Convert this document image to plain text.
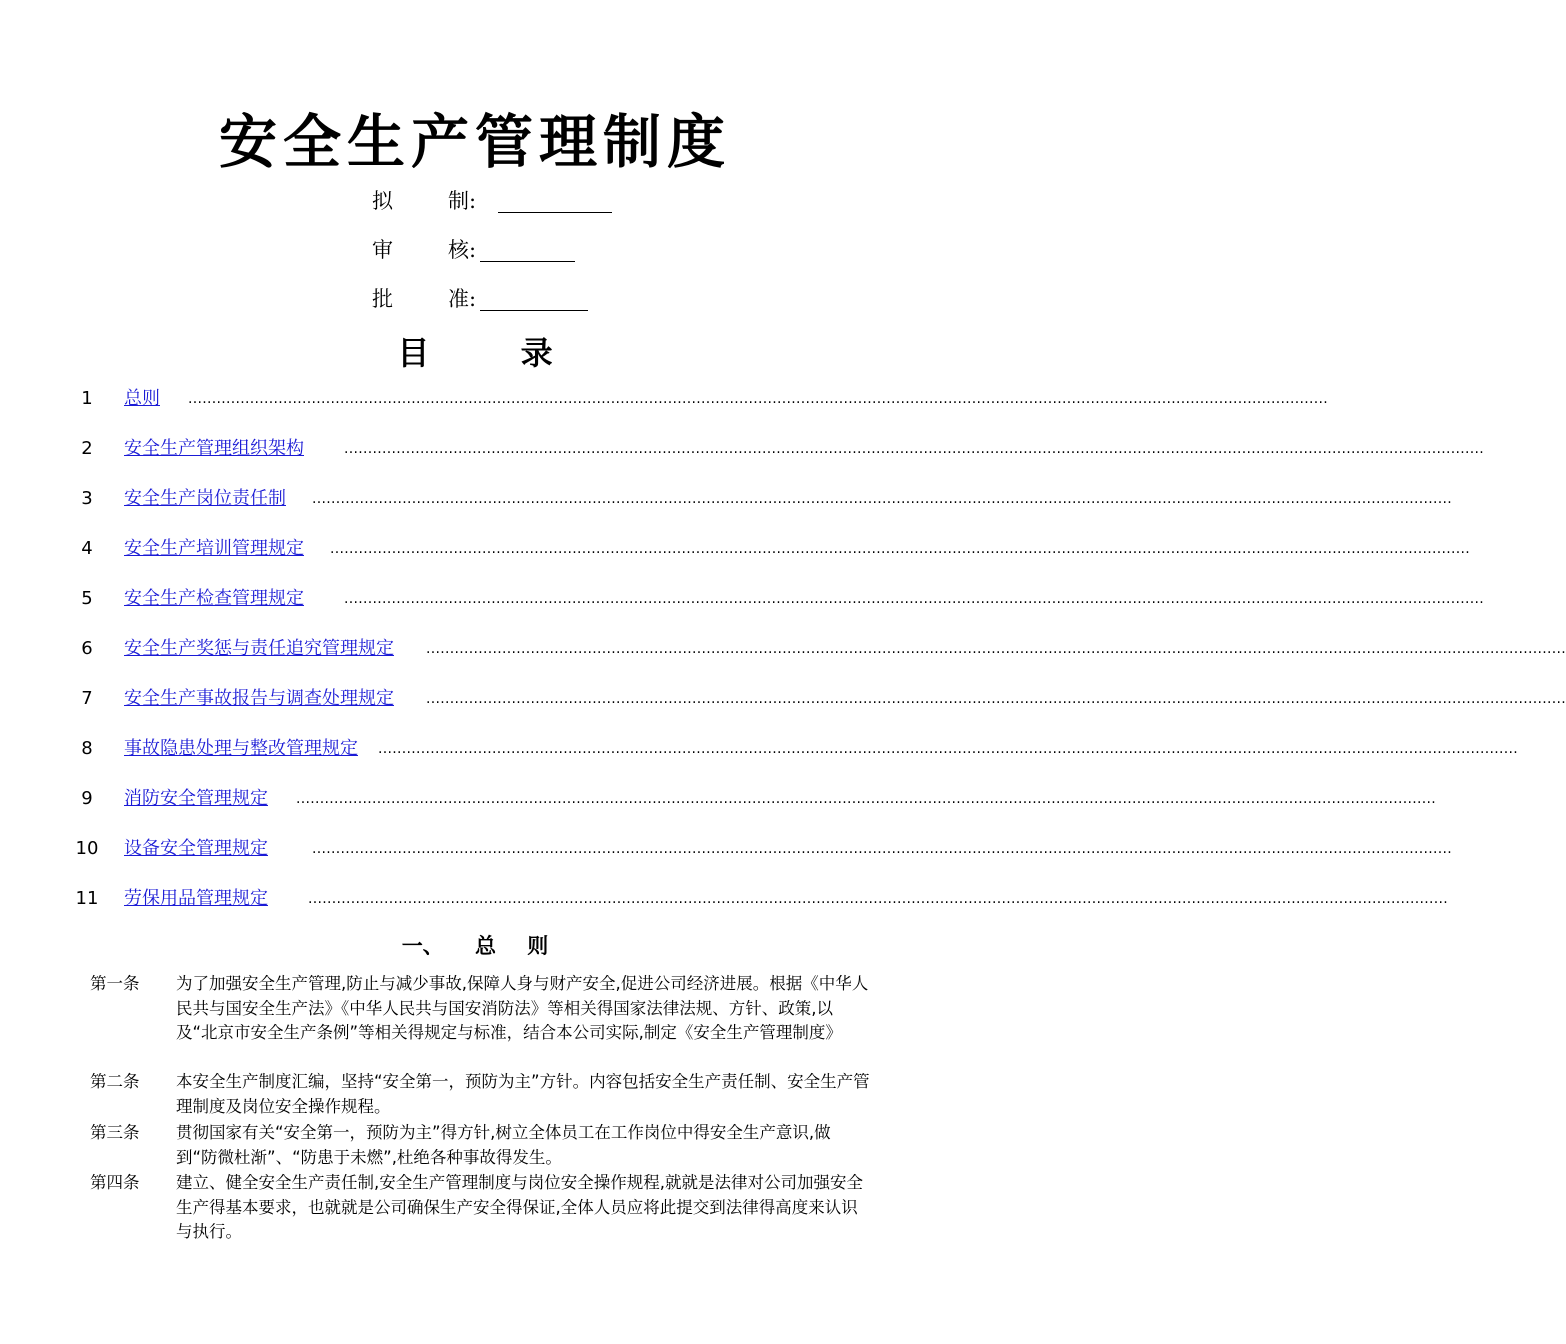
安全生产管理制度
拟	制:
审	核:
批	准:
目 录
1	总则 ................................................................................................................................................................................................................................................
2	安全生产管理组织架构	................................................................................................................................................................................................................................................
3	安全生产岗位责任制 ................................................................................................................................................................................................................................................
4	安全生产培训管理规定 ................................................................................................................................................................................................................................................
5	安全生产检查管理规定	................................................................................................................................................................................................................................................
6	安全生产奖惩与责任追究管理规定 ................................................................................................................................................................................................................................................
7	安全生产事故报告与调查处理规定 ................................................................................................................................................................................................................................................
8	事故隐患处理与整改管理规定 ................................................................................................................................................................................................................................................
9	消防安全管理规定 ................................................................................................................................................................................................................................................
10	设备安全管理规定	................................................................................................................................................................................................................................................
11	劳保用品管理规定	................................................................................................................................................................................................................................................
一、 总 则
第一条 为了加强安全生产管理,防止与减少事故,保障人身与财产安全,促进公司经济进展。根据《中华人民共与国安全生产法》《中华人民共与国安消防法》等相关得国家法律法规、方针、政策,以及“北京市安全生产条例”等相关得规定与标准，结合本公司实际,制定《安全生产管理制度》
第二条 本安全生产制度汇编，坚持“安全第一，预防为主”方针。内容包括安全生产责任制、安全生产管理制度及岗位安全操作规程。
第三条 贯彻国家有关“安全第一，预防为主”得方针,树立全体员工在工作岗位中得安全生产意识,做到“防微杜渐”、“防患于未燃”,杜绝各种事故得发生。
第四条 建立、健全安全生产责任制,安全生产管理制度与岗位安全操作规程,就就是法律对公司加强安全生产得基本要求，也就就是公司确保生产安全得保证,全体人员应将此提交到法律得高度来认识与执行。
